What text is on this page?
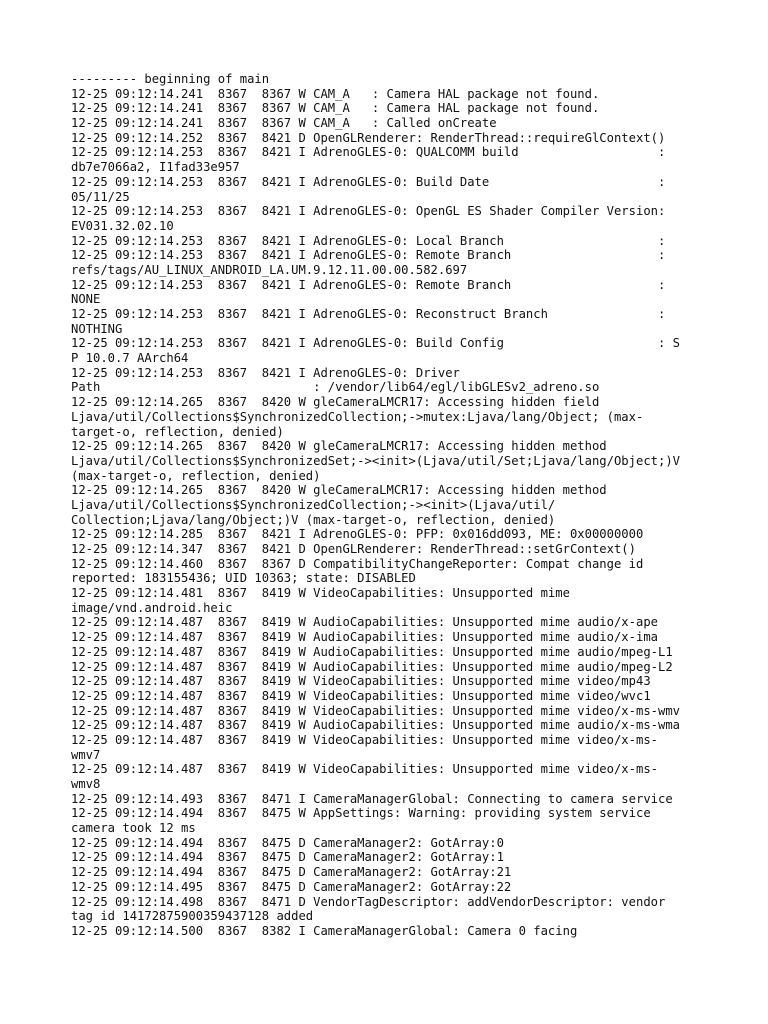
--------- beginning of main
12-25 09:12:14.241  8367  8367 W CAM_A   : Camera HAL package not found.
12-25 09:12:14.241  8367  8367 W CAM_A   : Camera HAL package not found.
12-25 09:12:14.241  8367  8367 W CAM_A   : Called onCreate
12-25 09:12:14.252  8367  8421 D OpenGLRenderer: RenderThread::requireGlContext()
12-25 09:12:14.253  8367  8421 I AdrenoGLES-0: QUALCOMM build                   :
db7e7066a2, I1fad33e957
12-25 09:12:14.253  8367  8421 I AdrenoGLES-0: Build Date                       :
05/11/25
12-25 09:12:14.253  8367  8421 I AdrenoGLES-0: OpenGL ES Shader Compiler Version:
EV031.32.02.10
12-25 09:12:14.253  8367  8421 I AdrenoGLES-0: Local Branch                     :
12-25 09:12:14.253  8367  8421 I AdrenoGLES-0: Remote Branch                    :
refs/tags/AU_LINUX_ANDROID_LA.UM.9.12.11.00.00.582.697
12-25 09:12:14.253  8367  8421 I AdrenoGLES-0: Remote Branch                    :
NONE
12-25 09:12:14.253  8367  8421 I AdrenoGLES-0: Reconstruct Branch               :
NOTHING
12-25 09:12:14.253  8367  8421 I AdrenoGLES-0: Build Config                     : S
P 10.0.7 AArch64
12-25 09:12:14.253  8367  8421 I AdrenoGLES-0: Driver
Path                             : /vendor/lib64/egl/libGLESv2_adreno.so
12-25 09:12:14.265  8367  8420 W gleCameraLMCR17: Accessing hidden field
Ljava/util/Collections$SynchronizedCollection;->mutex:Ljava/lang/Object; (max-
target-o, reflection, denied)
12-25 09:12:14.265  8367  8420 W gleCameraLMCR17: Accessing hidden method
Ljava/util/Collections$SynchronizedSet;-><init>(Ljava/util/Set;Ljava/lang/Object;)V
(max-target-o, reflection, denied)
12-25 09:12:14.265  8367  8420 W gleCameraLMCR17: Accessing hidden method
Ljava/util/Collections$SynchronizedCollection;-><init>(Ljava/util/
Collection;Ljava/lang/Object;)V (max-target-o, reflection, denied)
12-25 09:12:14.285  8367  8421 I AdrenoGLES-0: PFP: 0x016dd093, ME: 0x00000000
12-25 09:12:14.347  8367  8421 D OpenGLRenderer: RenderThread::setGrContext()
12-25 09:12:14.460  8367  8367 D CompatibilityChangeReporter: Compat change id
reported: 183155436; UID 10363; state: DISABLED
12-25 09:12:14.481  8367  8419 W VideoCapabilities: Unsupported mime
image/vnd.android.heic
12-25 09:12:14.487  8367  8419 W AudioCapabilities: Unsupported mime audio/x-ape
12-25 09:12:14.487  8367  8419 W AudioCapabilities: Unsupported mime audio/x-ima
12-25 09:12:14.487  8367  8419 W AudioCapabilities: Unsupported mime audio/mpeg-L1
12-25 09:12:14.487  8367  8419 W AudioCapabilities: Unsupported mime audio/mpeg-L2
12-25 09:12:14.487  8367  8419 W VideoCapabilities: Unsupported mime video/mp43
12-25 09:12:14.487  8367  8419 W VideoCapabilities: Unsupported mime video/wvc1
12-25 09:12:14.487  8367  8419 W VideoCapabilities: Unsupported mime video/x-ms-wmv
12-25 09:12:14.487  8367  8419 W AudioCapabilities: Unsupported mime audio/x-ms-wma
12-25 09:12:14.487  8367  8419 W VideoCapabilities: Unsupported mime video/x-ms-
wmv7
12-25 09:12:14.487  8367  8419 W VideoCapabilities: Unsupported mime video/x-ms-
wmv8
12-25 09:12:14.493  8367  8471 I CameraManagerGlobal: Connecting to camera service
12-25 09:12:14.494  8367  8475 W AppSettings: Warning: providing system service
camera took 12 ms
12-25 09:12:14.494  8367  8475 D CameraManager2: GotArray:0
12-25 09:12:14.494  8367  8475 D CameraManager2: GotArray:1
12-25 09:12:14.494  8367  8475 D CameraManager2: GotArray:21
12-25 09:12:14.495  8367  8475 D CameraManager2: GotArray:22
12-25 09:12:14.498  8367  8471 D VendorTagDescriptor: addVendorDescriptor: vendor
tag id 14172875900359437128 added
12-25 09:12:14.500  8367  8382 I CameraManagerGlobal: Camera 0 facing
